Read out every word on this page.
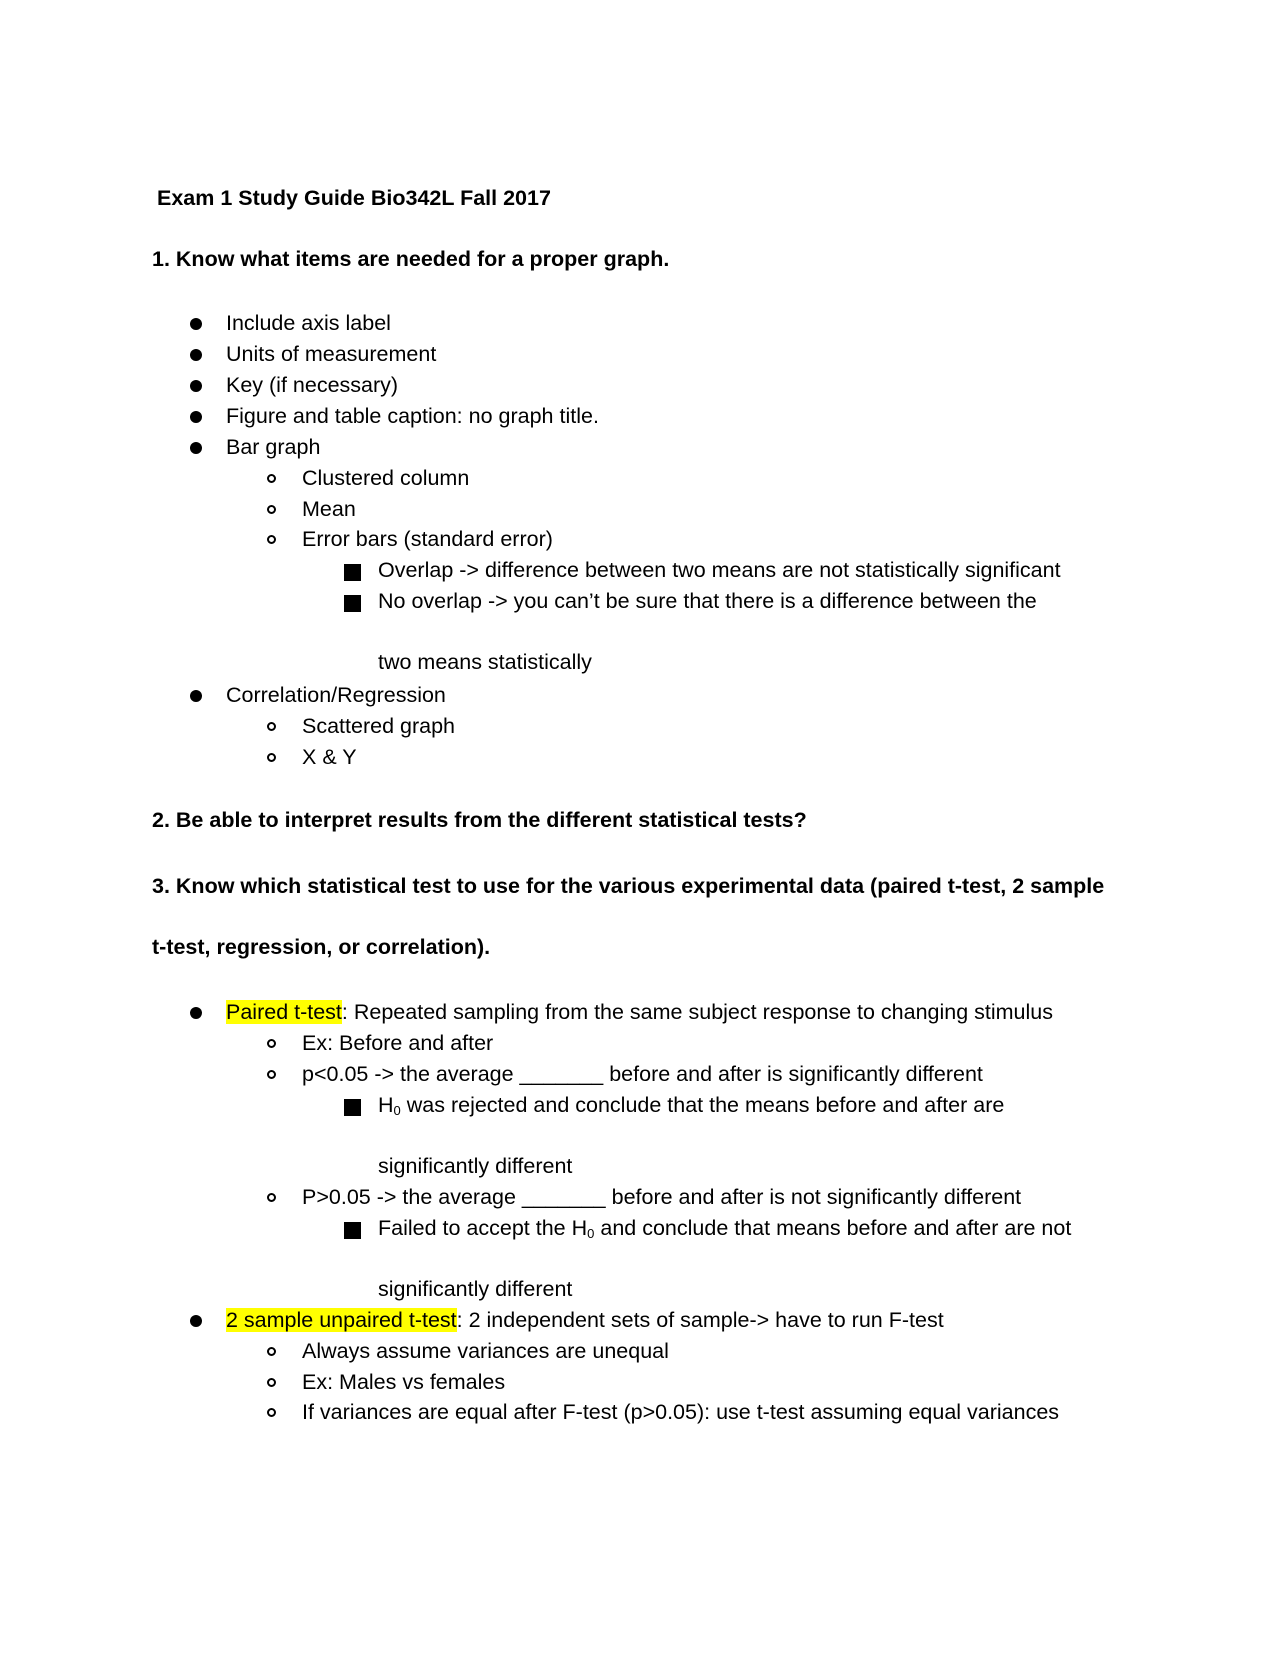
Exam 1 Study Guide Bio342L Fall 2017
1. Know what items are needed for a proper graph.
Include axis label
Units of measurement
Key (if necessary)
Figure and table caption: no graph title.
Bar graph
Clustered column
Mean
Error bars (standard error)
Overlap -> difference between two means are not statistically significant
No overlap -> you can’t be sure that there is a difference between the
two means statistically
Correlation/Regression
Scattered graph
X & Y
2. Be able to interpret results from the different statistical tests?
3. Know which statistical test to use for the various experimental data (paired t-test, 2 sample
t-test, regression, or correlation).
Paired t-test: Repeated sampling from the same subject response to changing stimulus
Ex: Before and after
p<0.05 -> the average _______ before and after is significantly different
$H_0$ was rejected and conclude that the means before and after are
significantly different
P>0.05 -> the average _______ before and after is not significantly different
Failed to accept the $H_0$ and conclude that means before and after are not
significantly different
2 sample unpaired t-test: 2 independent sets of sample-> have to run F-test
Always assume variances are unequal
Ex: Males vs females
If variances are equal after F-test (p>0.05): use t-test assuming equal variances
